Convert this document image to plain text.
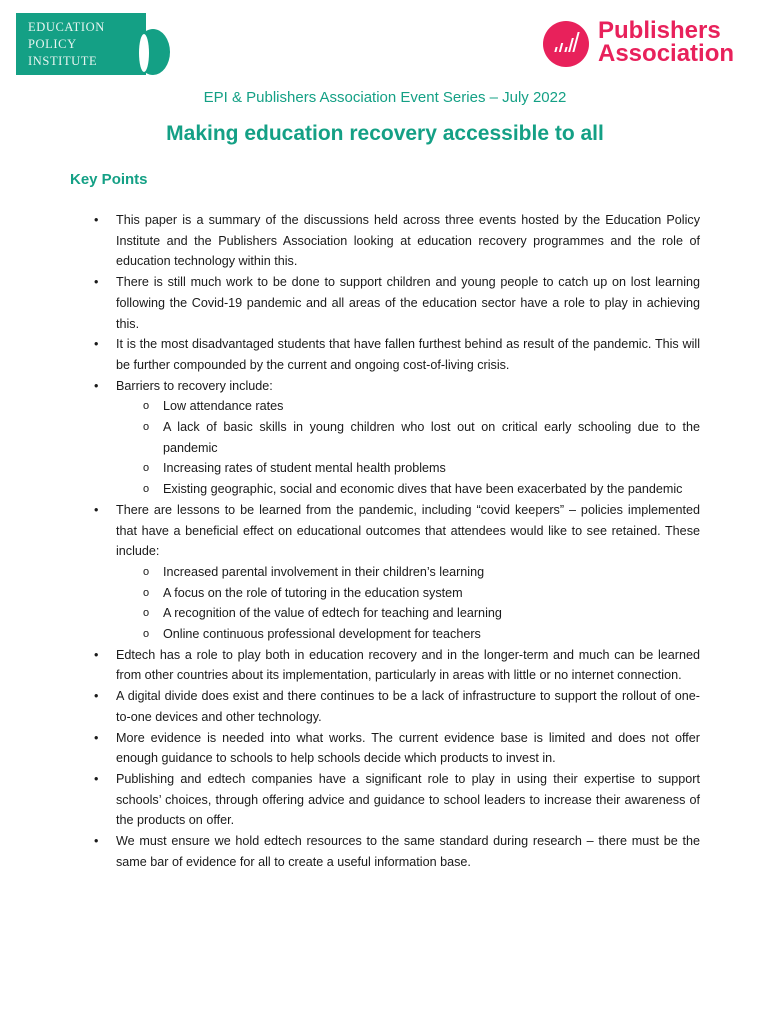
EDUCATION
POLICY
INSTITUTE
Publishers
Association
EPI & Publishers Association Event Series – July 2022
Making education recovery accessible to all
Key Points
• This paper is a summary of the discussions held across three events hosted by the Education Policy Institute and the Publishers Association looking at education recovery programmes and the role of education technology within this.
• There is still much work to be done to support children and young people to catch up on lost learning following the Covid-19 pandemic and all areas of the education sector have a role to play in achieving this.
• It is the most disadvantaged students that have fallen furthest behind as result of the pandemic. This will be further compounded by the current and ongoing cost-of-living crisis.
• Barriers to recovery include:
o Low attendance rates
o A lack of basic skills in young children who lost out on critical early schooling due to the pandemic
o Increasing rates of student mental health problems
o Existing geographic, social and economic dives that have been exacerbated by the pandemic
• There are lessons to be learned from the pandemic, including “covid keepers” – policies implemented that have a beneficial effect on educational outcomes that attendees would like to see retained. These include:
o Increased parental involvement in their children’s learning
o A focus on the role of tutoring in the education system
o A recognition of the value of edtech for teaching and learning
o Online continuous professional development for teachers
• Edtech has a role to play both in education recovery and in the longer-term and much can be learned from other countries about its implementation, particularly in areas with little or no internet connection.
• A digital divide does exist and there continues to be a lack of infrastructure to support the rollout of one-to-one devices and other technology.
• More evidence is needed into what works. The current evidence base is limited and does not offer enough guidance to schools to help schools decide which products to invest in.
• Publishing and edtech companies have a significant role to play in using their expertise to support schools’ choices, through offering advice and guidance to school leaders to increase their awareness of the products on offer.
• We must ensure we hold edtech resources to the same standard during research – there must be the same bar of evidence for all to create a useful information base.
